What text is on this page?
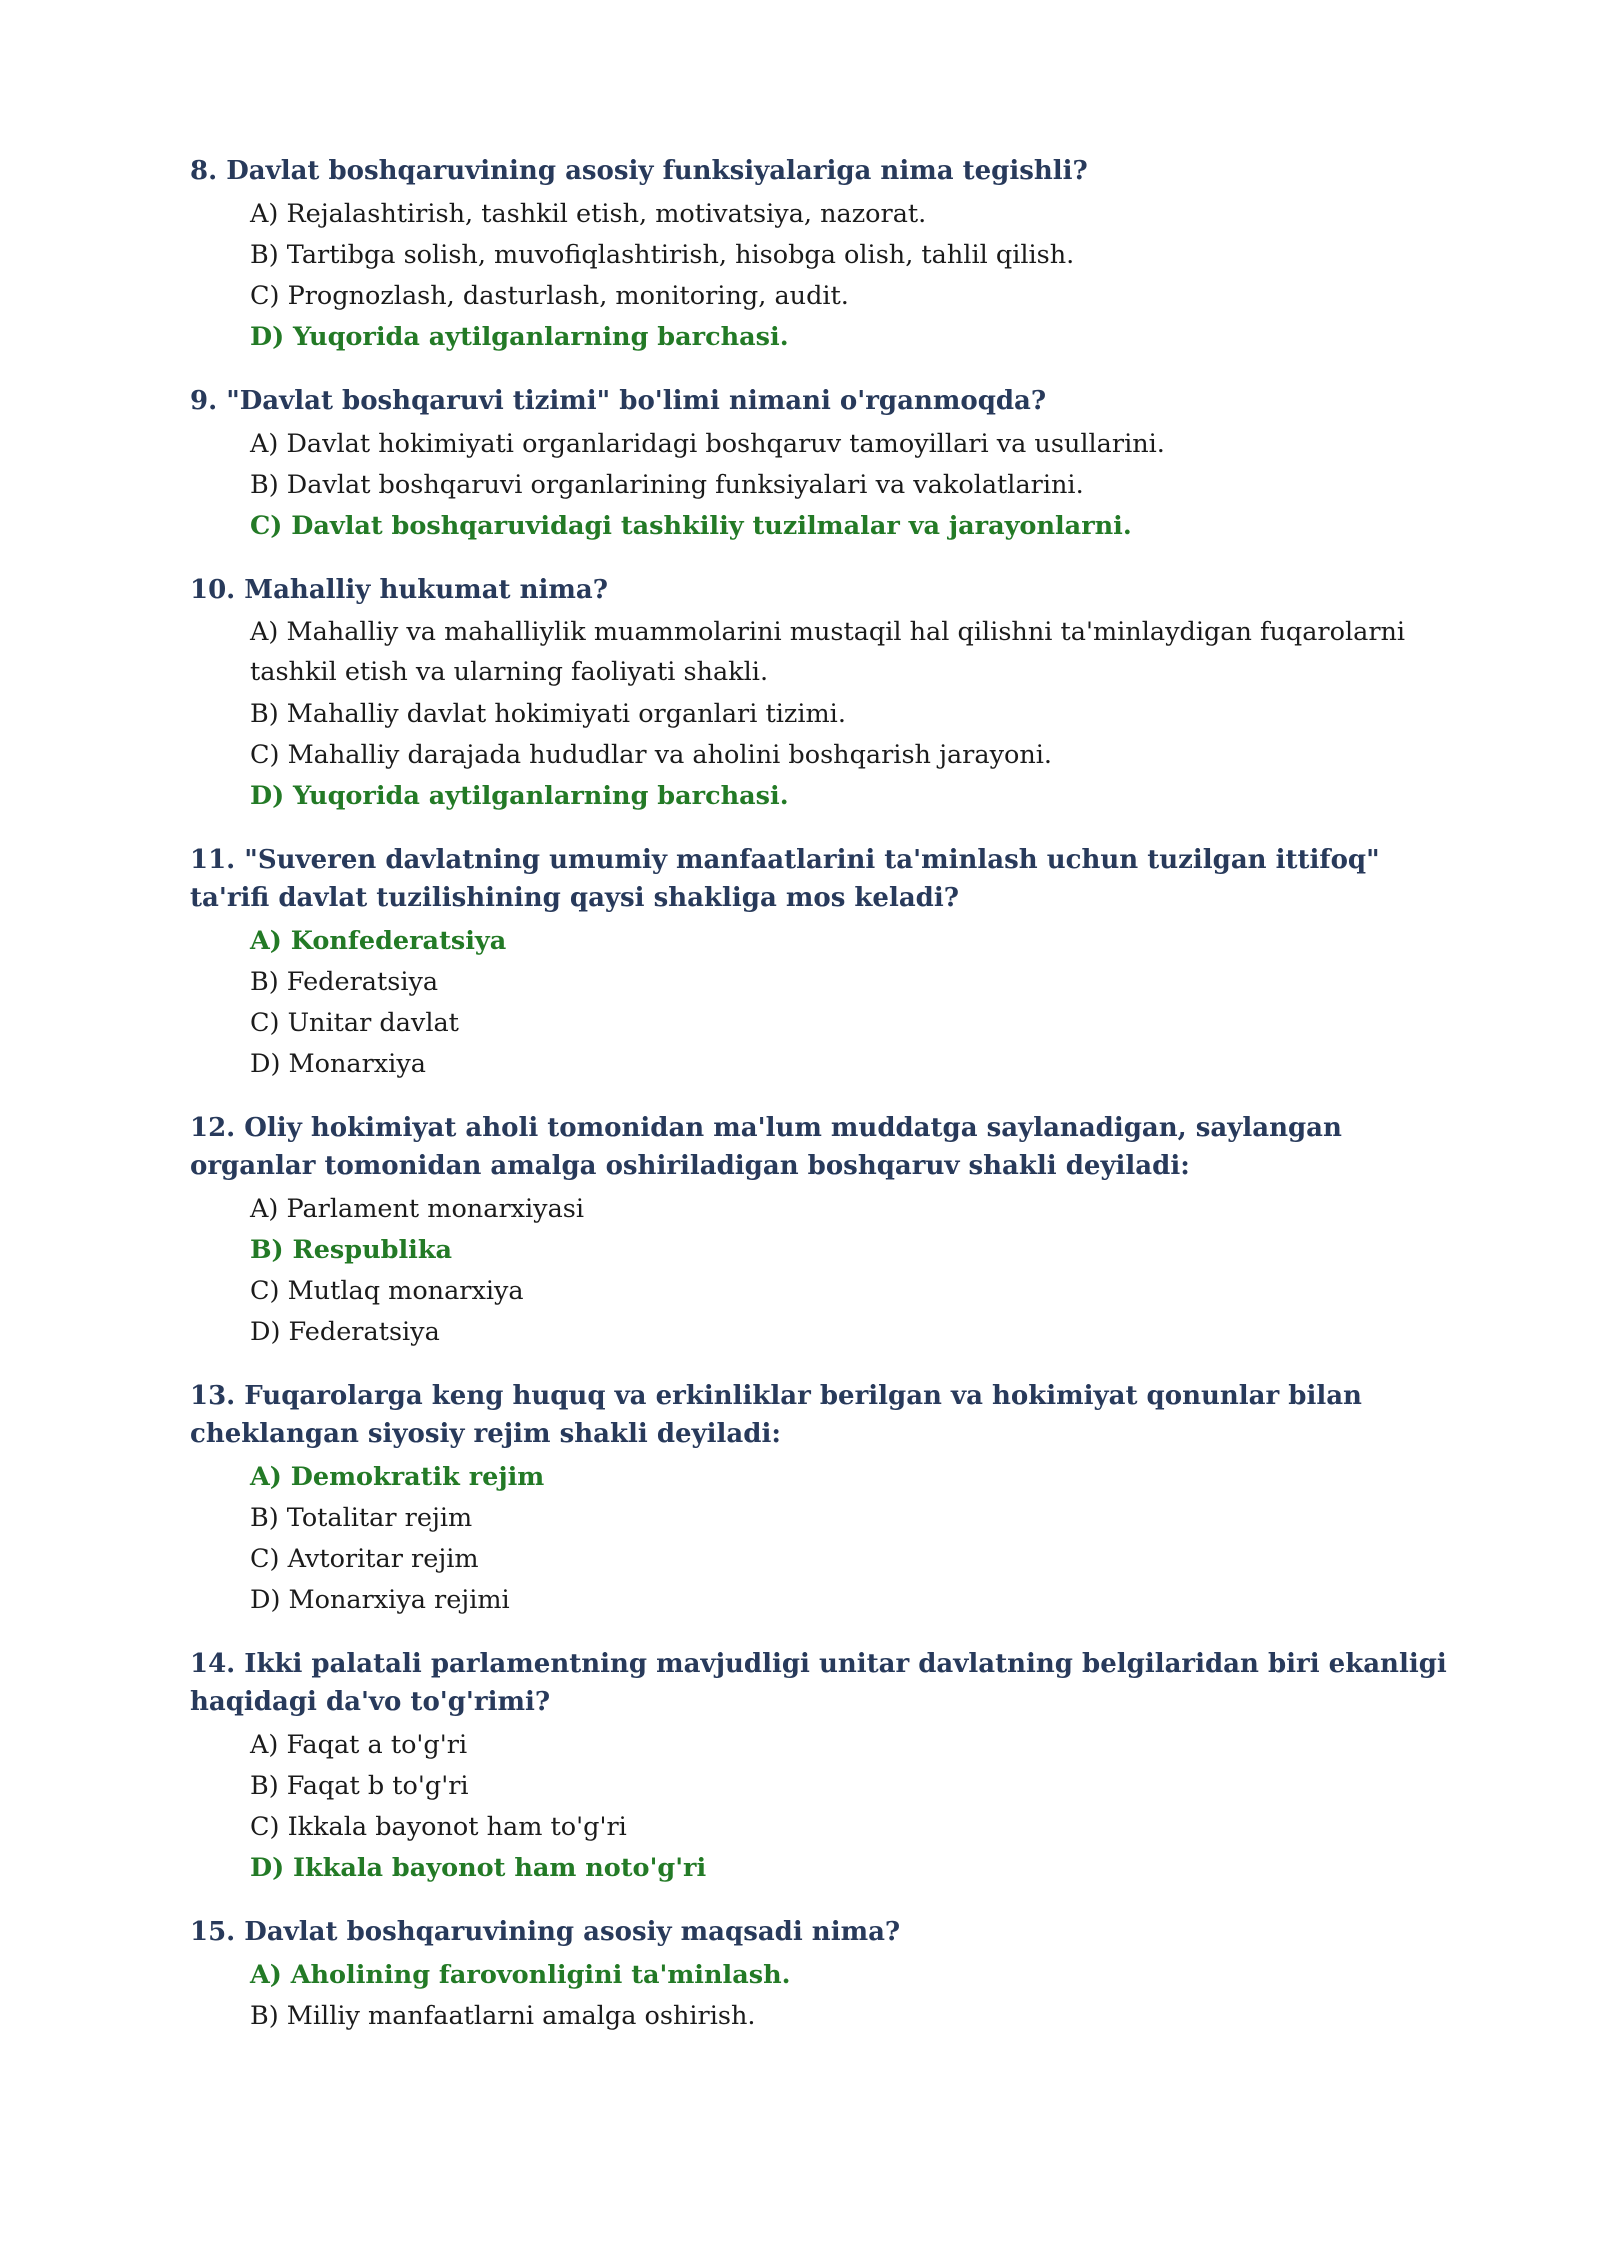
8. Davlat boshqaruvining asosiy funksiyalariga nima tegishli?
A) Rejalashtirish, tashkil etish, motivatsiya, nazorat.
B) Tartibga solish, muvofiqlashtirish, hisobga olish, tahlil qilish.
C) Prognozlash, dasturlash, monitoring, audit.
D) Yuqorida aytilganlarning barchasi.
9. "Davlat boshqaruvi tizimi" bo'limi nimani o'rganmoqda?
A) Davlat hokimiyati organlaridagi boshqaruv tamoyillari va usullarini.
B) Davlat boshqaruvi organlarining funksiyalari va vakolatlarini.
C) Davlat boshqaruvidagi tashkiliy tuzilmalar va jarayonlarni.
10. Mahalliy hukumat nima?
A) Mahalliy va mahalliylik muammolarini mustaqil hal qilishni ta'minlaydigan fuqarolarni tashkil etish va ularning faoliyati shakli.
B) Mahalliy davlat hokimiyati organlari tizimi.
C) Mahalliy darajada hududlar va aholini boshqarish jarayoni.
D) Yuqorida aytilganlarning barchasi.
11. "Suveren davlatning umumiy manfaatlarini ta'minlash uchun tuzilgan ittifoq" ta'rifi davlat tuzilishining qaysi shakliga mos keladi?
A) Konfederatsiya
B) Federatsiya
C) Unitar davlat
D) Monarxiya
12. Oliy hokimiyat aholi tomonidan ma'lum muddatga saylanadigan, saylangan organlar tomonidan amalga oshiriladigan boshqaruv shakli deyiladi:
A) Parlament monarxiyasi
B) Respublika
C) Mutlaq monarxiya
D) Federatsiya
13. Fuqarolarga keng huquq va erkinliklar berilgan va hokimiyat qonunlar bilan cheklangan siyosiy rejim shakli deyiladi:
A) Demokratik rejim
B) Totalitar rejim
C) Avtoritar rejim
D) Monarxiya rejimi
14. Ikki palatali parlamentning mavjudligi unitar davlatning belgilaridan biri ekanligi haqidagi da'vo to'g'rimi?
A) Faqat a to'g'ri
B) Faqat b to'g'ri
C) Ikkala bayonot ham to'g'ri
D) Ikkala bayonot ham noto'g'ri
15. Davlat boshqaruvining asosiy maqsadi nima?
A) Aholining farovonligini ta'minlash.
B) Milliy manfaatlarni amalga oshirish.
